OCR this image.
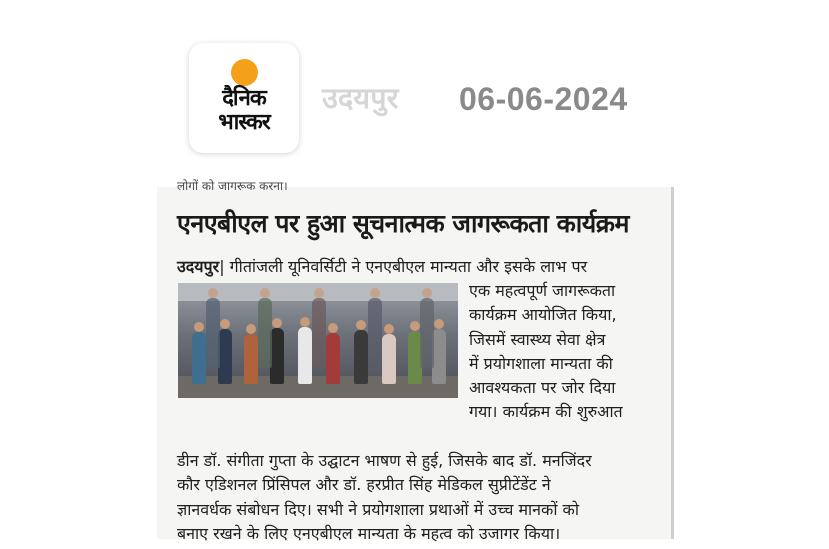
दैनिक
भास्कर
उदयपुर 06-06-2024
लोगों को जागरूक करना।
एनएबीएल पर हुआ सूचनात्मक जागरूकता कार्यक्रम
उदयपुर| गीतांजली यूनिवर्सिटी ने एनएबीएल मान्यता और इसके लाभ पर
एक महत्वपूर्ण जागरूकता
कार्यक्रम आयोजित किया,
जिसमें स्वास्थ्य सेवा क्षेत्र
में प्रयोगशाला मान्यता की
आवश्यकता पर जोर दिया
गया। कार्यक्रम की शुरुआत
डीन डॉ. संगीता गुप्ता के उद्घाटन भाषण से हुई, जिसके बाद डॉ. मनजिंदर
कौर एडिशनल प्रिंसिपल और डॉ. हरप्रीत सिंह मेडिकल सुप्रीटेंडेंट ने
ज्ञानवर्धक संबोधन दिए। सभी ने प्रयोगशाला प्रथाओं में उच्च मानकों को
बनाए रखने के लिए एनएबीएल मान्यता के महत्व को उजागर किया।
